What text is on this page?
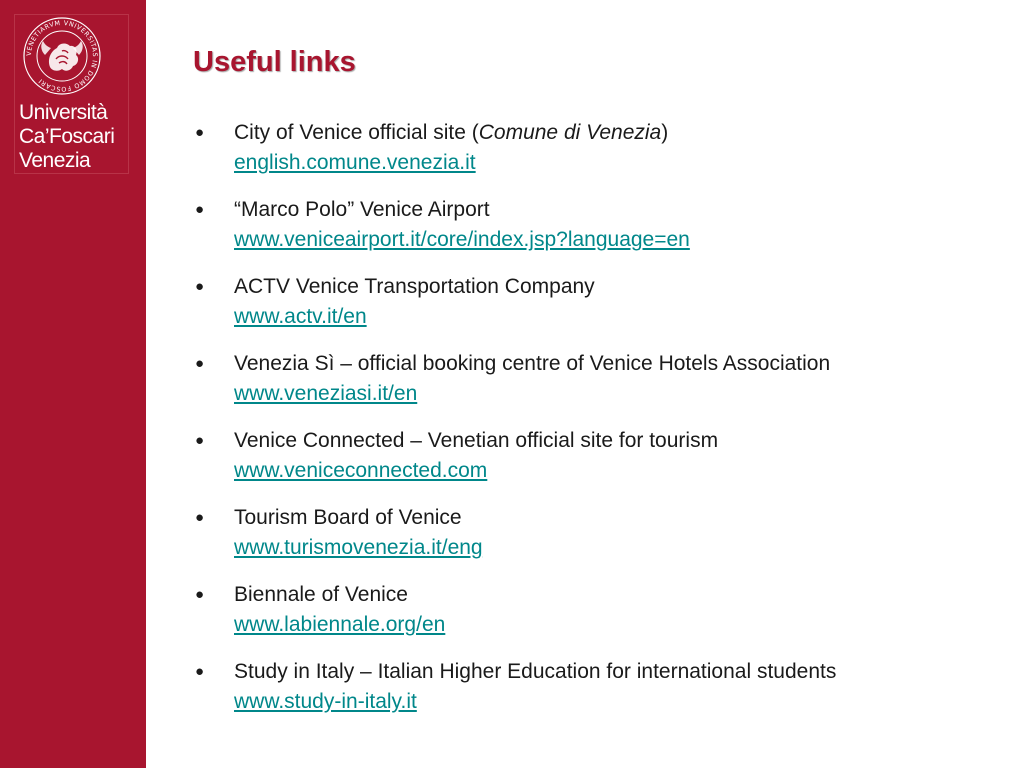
VENETIARVM VNIVERSITAS IN DOMO FOSCARI
Università
Ca’Foscari
Venezia
Useful links
● City of Venice official site (Comune di Venezia)
english.comune.venezia.it
● “Marco Polo” Venice Airport
www.veniceairport.it/core/index.jsp?language=en
● ACTV Venice Transportation Company
www.actv.it/en
● Venezia Sì – official booking centre of Venice Hotels Association
www.veneziasi.it/en
● Venice Connected – Venetian official site for tourism
www.veniceconnected.com
● Tourism Board of Venice
www.turismovenezia.it/eng
● Biennale of Venice
www.labiennale.org/en
● Study in Italy – Italian Higher Education for international students
www.study-in-italy.it
